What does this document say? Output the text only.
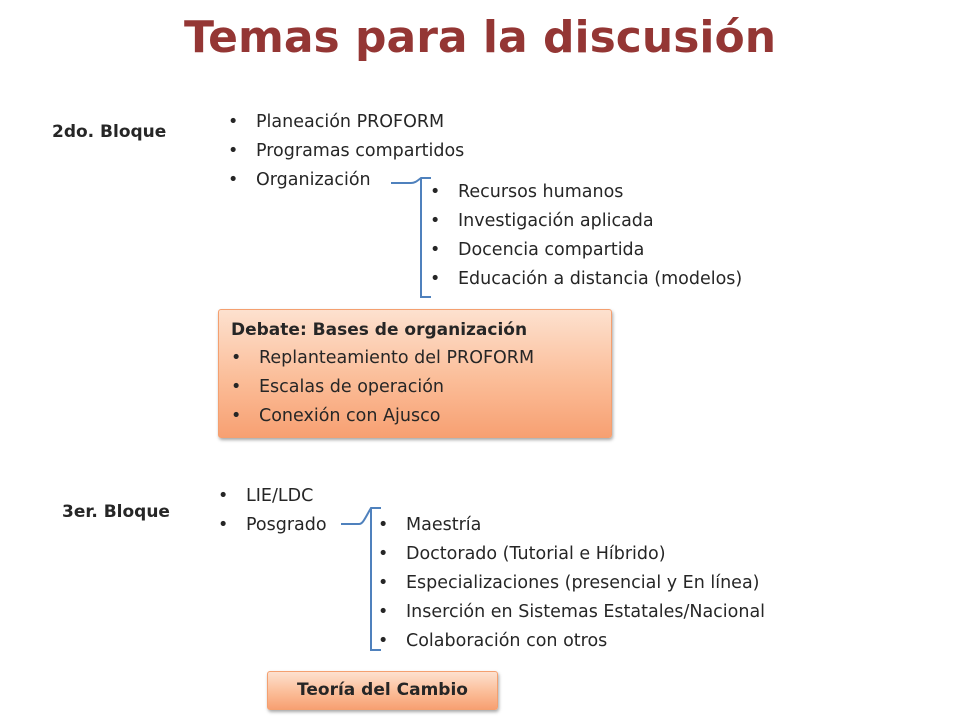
Temas para la discusión
2do. Bloque	• Planeación PROFORM
• Programas compartidos
• Organización
• Recursos humanos
• Investigación aplicada
• Docencia compartida
• Educación a distancia (modelos)
Debate: Bases de organización
• Replanteamiento del PROFORM
• Escalas de operación
• Conexión con Ajusco
3er. Bloque
• LIE/LDC
• Posgrado	• Maestría
• Doctorado (Tutorial e Híbrido)
• Especializaciones (presencial y En línea)
• Inserción en Sistemas Estatales/Nacional
• Colaboración con otros
Teoría del Cambio
